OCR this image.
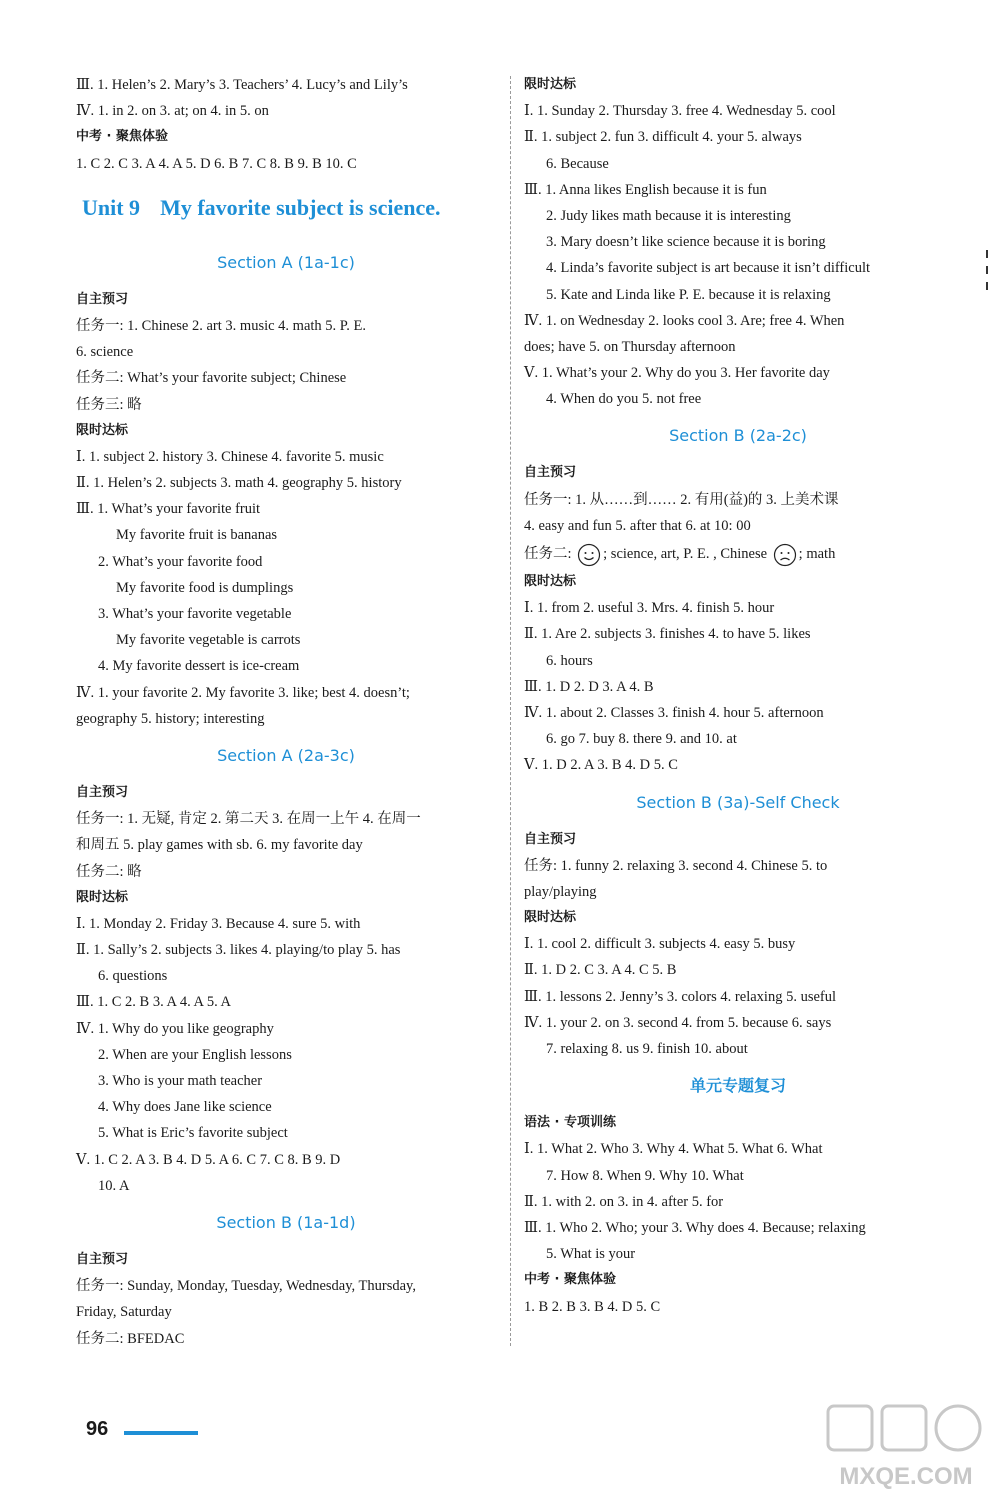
Ⅲ. 1. Helen’s 2. Mary’s 3. Teachers’ 4. Lucy’s and Lily’s
Ⅳ. 1. in 2. on 3. at; on 4. in 5. on
中考 · 聚焦体验
1. C 2. C 3. A 4. A 5. D 6. B 7. C 8. B 9. B 10. C
Unit 9 My favorite subject is science.
Section A (1a-1c)
自主预习
任务一: 1. Chinese 2. art 3. music 4. math 5. P. E.
6. science
任务二: What’s your favorite subject; Chinese
任务三: 略
限时达标
Ⅰ. 1. subject 2. history 3. Chinese 4. favorite 5. music
Ⅱ. 1. Helen’s 2. subjects 3. math 4. geography 5. history
Ⅲ. 1. What’s your favorite fruit
My favorite fruit is bananas
2. What’s your favorite food
My favorite food is dumplings
3. What’s your favorite vegetable
My favorite vegetable is carrots
4. My favorite dessert is ice-cream
Ⅳ. 1. your favorite 2. My favorite 3. like; best 4. doesn’t;
geography 5. history; interesting
Section A (2a-3c)
自主预习
任务一: 1. 无疑, 肯定 2. 第二天 3. 在周一上午 4. 在周一
和周五 5. play games with sb. 6. my favorite day
任务二: 略
限时达标
Ⅰ. 1. Monday 2. Friday 3. Because 4. sure 5. with
Ⅱ. 1. Sally’s 2. subjects 3. likes 4. playing/to play 5. has
6. questions
Ⅲ. 1. C 2. B 3. A 4. A 5. A
Ⅳ. 1. Why do you like geography
2. When are your English lessons
3. Who is your math teacher
4. Why does Jane like science
5. What is Eric’s favorite subject
Ⅴ. 1. C 2. A 3. B 4. D 5. A 6. C 7. C 8. B 9. D
10. A
Section B (1a-1d)
自主预习
任务一: Sunday, Monday, Tuesday, Wednesday, Thursday,
Friday, Saturday
任务二: BFEDAC
限时达标
Ⅰ. 1. Sunday 2. Thursday 3. free 4. Wednesday 5. cool
Ⅱ. 1. subject 2. fun 3. difficult 4. your 5. always
6. Because
Ⅲ. 1. Anna likes English because it is fun
2. Judy likes math because it is interesting
3. Mary doesn’t like science because it is boring
4. Linda’s favorite subject is art because it isn’t difficult
5. Kate and Linda like P. E. because it is relaxing
Ⅳ. 1. on Wednesday 2. looks cool 3. Are; free 4. When
does; have 5. on Thursday afternoon
Ⅴ. 1. What’s your 2. Why do you 3. Her favorite day
4. When do you 5. not free
Section B (2a-2c)
自主预习
任务一: 1. 从……到…… 2. 有用(益)的 3. 上美术课
4. easy and fun 5. after that 6. at 10: 00
任务二: ; science, art, P. E. , Chinese ; math
限时达标
Ⅰ. 1. from 2. useful 3. Mrs. 4. finish 5. hour
Ⅱ. 1. Are 2. subjects 3. finishes 4. to have 5. likes
6. hours
Ⅲ. 1. D 2. D 3. A 4. B
Ⅳ. 1. about 2. Classes 3. finish 4. hour 5. afternoon
6. go 7. buy 8. there 9. and 10. at
Ⅴ. 1. D 2. A 3. B 4. D 5. C
Section B (3a)-Self Check
自主预习
任务: 1. funny 2. relaxing 3. second 4. Chinese 5. to
play/playing
限时达标
Ⅰ. 1. cool 2. difficult 3. subjects 4. easy 5. busy
Ⅱ. 1. D 2. C 3. A 4. C 5. B
Ⅲ. 1. lessons 2. Jenny’s 3. colors 4. relaxing 5. useful
Ⅳ. 1. your 2. on 3. second 4. from 5. because 6. says
7. relaxing 8. us 9. finish 10. about
单元专题复习
语法 · 专项训练
Ⅰ. 1. What 2. Who 3. Why 4. What 5. What 6. What
7. How 8. When 9. Why 10. What
Ⅱ. 1. with 2. on 3. in 4. after 5. for
Ⅲ. 1. Who 2. Who; your 3. Why does 4. Because; relaxing
5. What is your
中考 · 聚焦体验
1. B 2. B 3. B 4. D 5. C
96
MXQE.COM
